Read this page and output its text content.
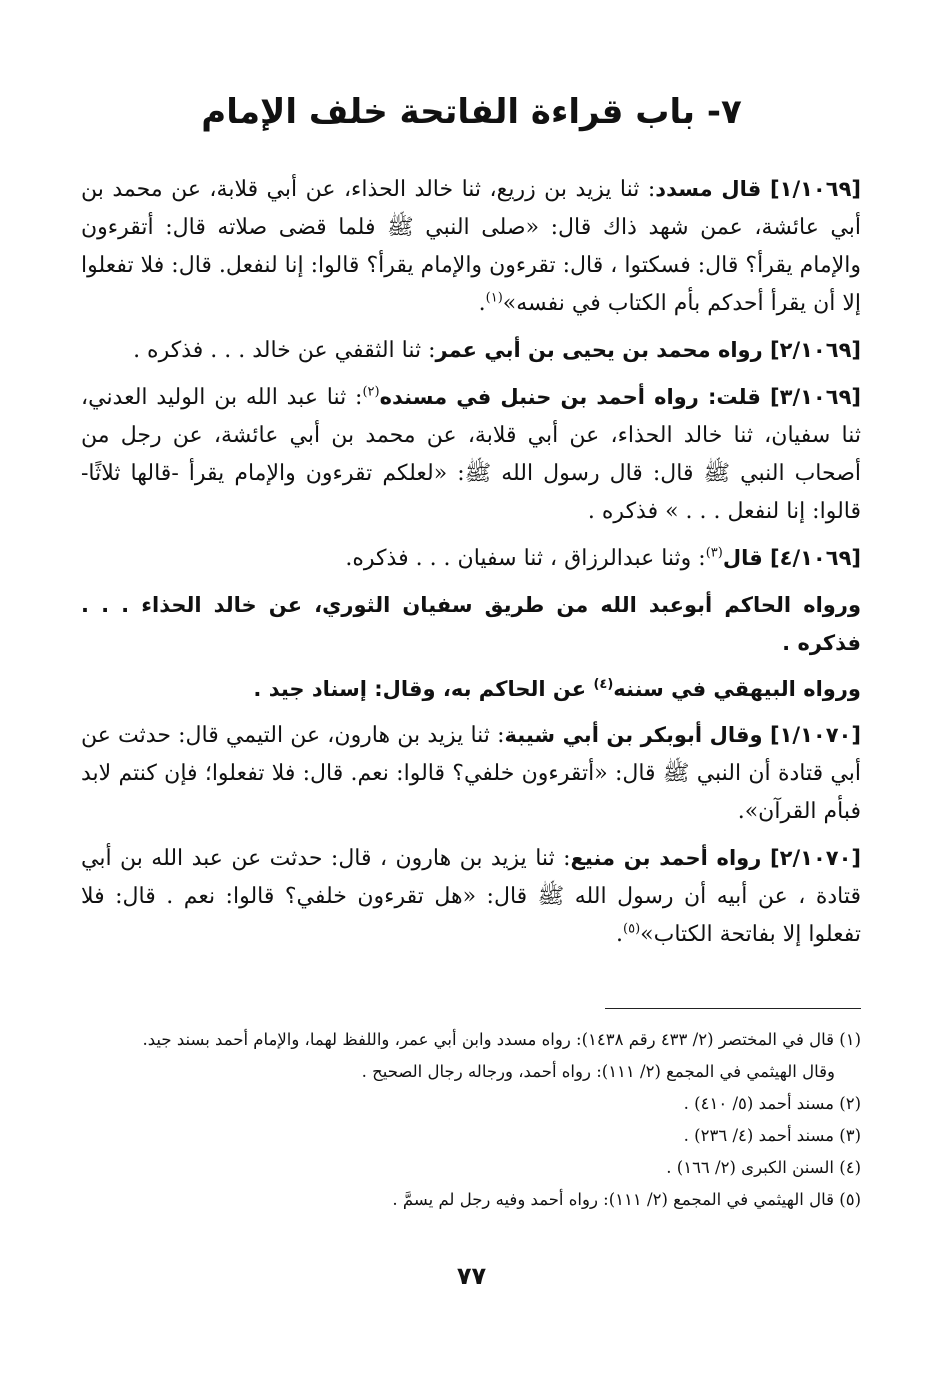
٧- باب قراءة الفاتحة خلف الإمام

[١/١٠٦٩] قال مسدد: ثنا يزيد بن زريع، ثنا خالد الحذاء، عن أبي قلابة، عن محمد بن أبي عائشة، عمن شهد ذاك قال: «صلى النبي ﷺ فلما قضى صلاته قال: أتقرءون والإمام يقرأ؟ قال: فسكتوا ، قال: تقرءون والإمام يقرأ؟ قالوا: إنا لنفعل. قال: فلا تفعلوا إلا أن يقرأ أحدكم بأم الكتاب في نفسه»$^{(١)}$.

[٢/١٠٦٩] رواه محمد بن يحيى بن أبي عمر: ثنا الثقفي عن خالد . . . فذكره .

[٣/١٠٦٩] قلت: رواه أحمد بن حنبل في مسنده$^{(٢)}$: ثنا عبد الله بن الوليد العدني، ثنا سفيان، ثنا خالد الحذاء، عن أبي قلابة، عن محمد بن أبي عائشة، عن رجل من أصحاب النبي ﷺ قال: قال رسول الله ﷺ: «لعلكم تقرءون والإمام يقرأ -قالها ثلاثًا- قالوا: إنا لنفعل . . . » فذكره .

[٤/١٠٦٩] قال$^{(٣)}$: وثنا عبدالرزاق ، ثنا سفيان . . . فذكره.

ورواه الحاكم أبوعبد الله من طريق سفيان الثوري، عن خالد الحذاء . . . فذكره .

ورواه البيهقي في سننه$^{(٤)}$ عن الحاكم به، وقال: إسناد جيد .

[١/١٠٧٠] وقال أبوبكر بن أبي شيبة: ثنا يزيد بن هارون، عن التيمي قال: حدثت عن أبي قتادة أن النبي ﷺ قال: «أتقرءون خلفي؟ قالوا: نعم. قال: فلا تفعلوا؛ فإن كنتم لابد فبأم القرآن».

[٢/١٠٧٠] رواه أحمد بن منيع: ثنا يزيد بن هارون ، قال: حدثت عن عبد الله بن أبي قتادة ، عن أبيه أن رسول الله ﷺ قال: «هل تقرءون خلفي؟ قالوا: نعم . قال: فلا تفعلوا إلا بفاتحة الكتاب»$^{(٥)}$.

(١) قال في المختصر (٢/ ٤٣٣ رقم ١٤٣٨): رواه مسدد وابن أبي عمر، واللفظ لهما، والإمام أحمد بسند جيد.
وقال الهيثمي في المجمع (٢/ ١١١): رواه أحمد، ورجاله رجال الصحيح .
(٢) مسند أحمد (٥/ ٤١٠) .
(٣) مسند أحمد (٤/ ٢٣٦) .
(٤) السنن الكبرى (٢/ ١٦٦) .
(٥) قال الهيثمي في المجمع (٢/ ١١١): رواه أحمد وفيه رجل لم يسمَّ .
٧٧
